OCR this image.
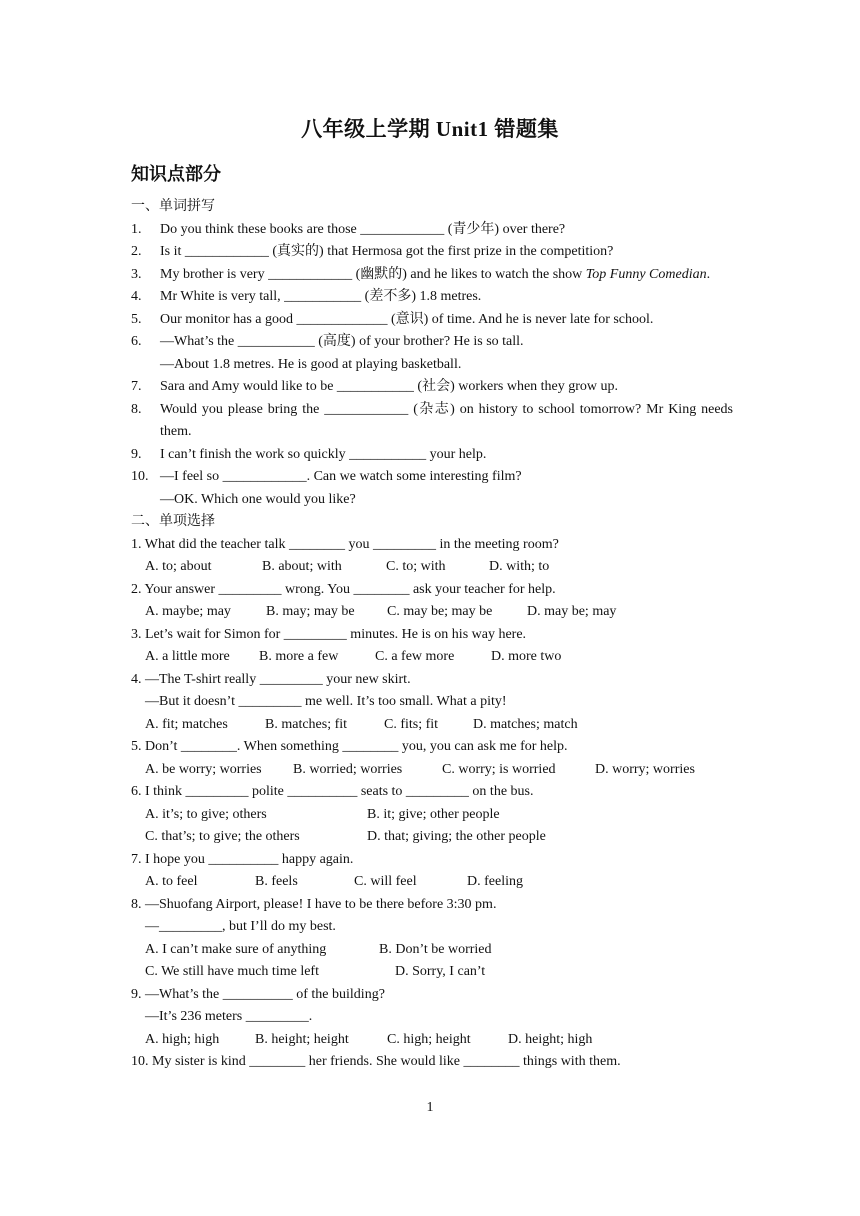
八年级上学期 Unit1 错题集
知识点部分
一、单词拼写
1.	Do you think these books are those ____________ (青少年) over there?
2.	Is it ____________ (真实的) that Hermosa got the first prize in the competition?
3.	My brother is very ____________ (幽默的) and he likes to watch the show Top Funny Comedian.
4.	Mr White is very tall, ___________ (差不多) 1.8 metres.
5.	Our monitor has a good _____________ (意识) of time. And he is never late for school.
6.	—What’s the ___________ (高度) of your brother? He is so tall.
—About 1.8 metres. He is good at playing basketball.
7.	Sara and Amy would like to be ___________ (社会) workers when they grow up.
8.	Would you please bring the ____________ (杂志) on history to school tomorrow? Mr King needs them.
9.	I can’t finish the work so quickly ___________ your help.
10. —I feel so ____________. Can we watch some interesting film?
—OK. Which one would you like?
二、单项选择
1. What did the teacher talk ________ you _________ in the meeting room?
A. to; about	B. about; with	C. to; with	D. with; to
2. Your answer _________ wrong. You ________ ask your teacher for help.
A. maybe; may	B. may; may be	C. may be; may be	D. may be; may
3. Let’s wait for Simon for _________ minutes. He is on his way here.
A. a little more	B. more a few	C. a few more	D. more two
4. —The T-shirt really _________ your new skirt.
—But it doesn’t _________ me well. It’s too small. What a pity!
A. fit; matches	B. matches; fit	C. fits; fit	D. matches; match
5. Don’t ________. When something ________ you, you can ask me for help.
A. be worry; worries	B. worried; worries	C. worry; is worried	D. worry; worries
6. I think _________ polite __________ seats to _________ on the bus.
A. it’s; to give; others	B. it; give; other people
C. that’s; to give; the others	D. that; giving; the other people
7. I hope you __________ happy again.
A. to feel	B. feels	C. will feel	D. feeling
8. —Shuofang Airport, please! I have to be there before 3:30 pm.
—_________, but I’ll do my best.
A. I can’t make sure of anything	B. Don’t be worried
C. We still have much time left	D. Sorry, I can’t
9. —What’s the __________ of the building?
—It’s 236 meters _________.
A. high; high	B. height; height	C. high; height	D. height; high
10. My sister is kind ________ her friends. She would like ________ things with them.
1
